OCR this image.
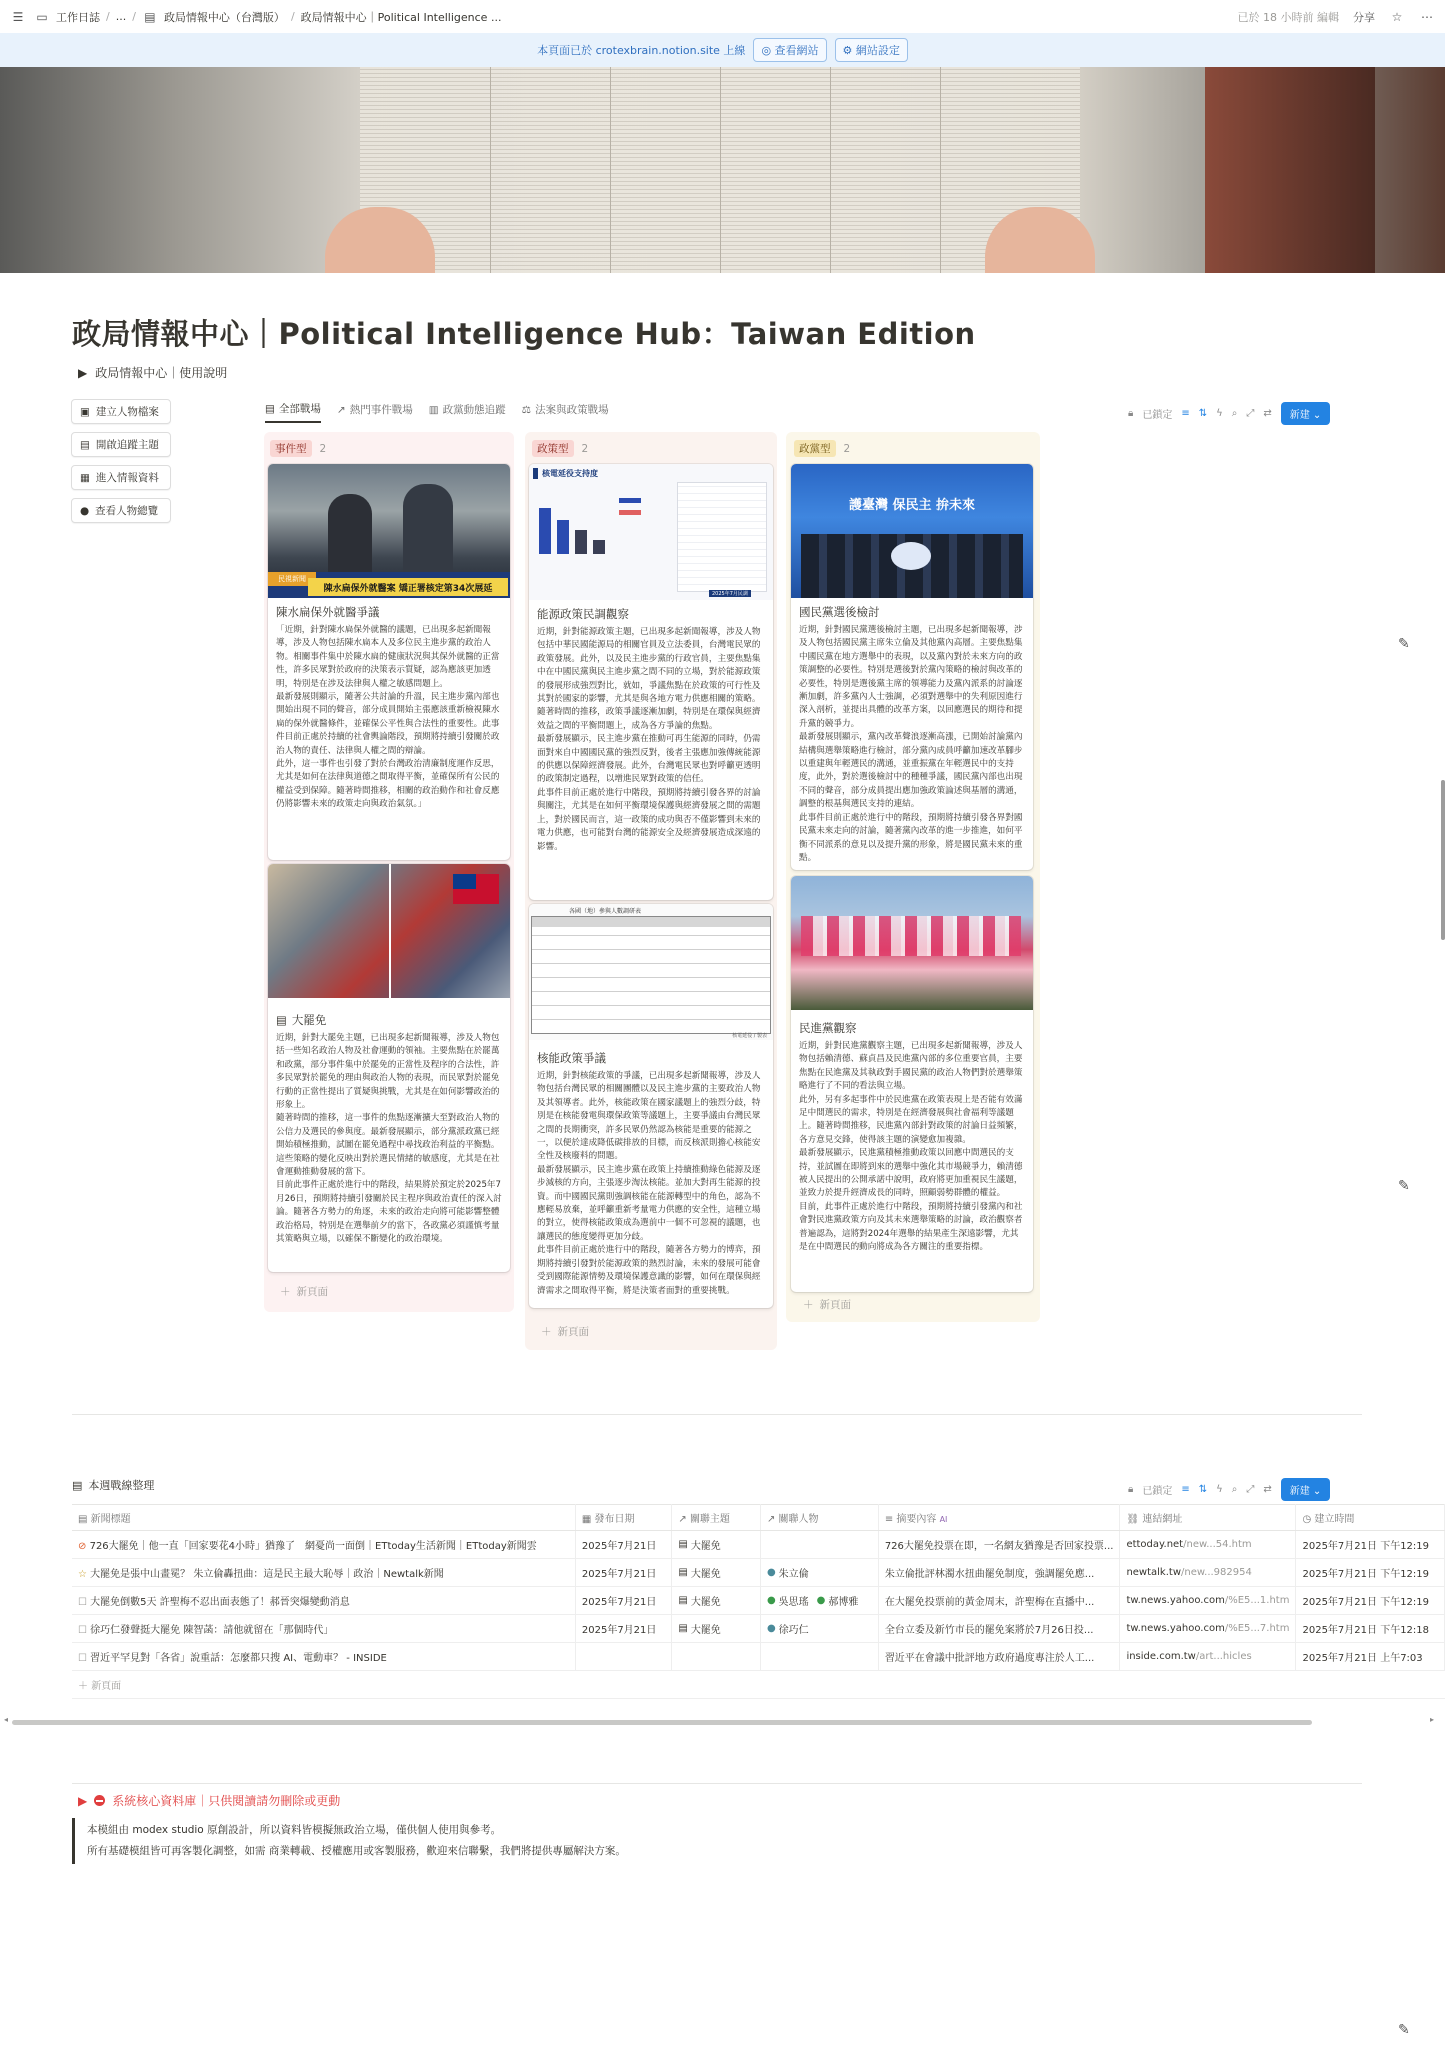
☰ ▭ 工作日誌 / ... / ▤ 政局情報中心（台灣版） / 政局情報中心｜Political Intelligence ...	已於 18 小時前 編輯 分享 ☆ ⋯
本頁面已於 crotexbrain.notion.site 上線	◎ 查看網站	⚙ 網站設定
政局情報中心｜Political Intelligence Hub：Taiwan Edition
▶ 政局情報中心｜使用說明
▣ 建立人物檔案
▤ 開啟追蹤主題
▦ 進入情報資料
● 查看人物總覽
▤ 全部戰場 ↗ 熱門事件戰場 ▥ 政黨動態追蹤 ⚖ 法案與政策戰場	🔒︎ 已鎖定 ≡ ⇅ ϟ ⌕ ⤢ ⇄	新建 ⌄
事件型	2	政策型	2	政黨型	2
民視新聞
陳水扁保外就醫案 矯正署核定第34次展延
陳水扁保外就醫爭議
「近期，針對陳水扁保外就醫的議題，已出現多起新聞報導，涉及人物包括陳水扁本人及多位民主進步黨的政治人物。相關事件集中於陳水扁的健康狀況與其保外就醫的正當性，許多民眾對於政府的決策表示質疑，認為應該更加透明，特別是在涉及法律與人權之敏感問題上。
最新發展則顯示，隨著公共討論的升溫，民主進步黨內部也開始出現不同的聲音，部分成員開始主張應該重新檢視陳水扁的保外就醫條件，並確保公平性與合法性的重要性。此事件目前正處於持續的社會輿論階段，預期將持續引發關於政治人物的責任、法律與人權之間的辯論。
此外，這一事件也引發了對於台灣政治清廉制度運作反思，尤其是如何在法律與道德之間取得平衡，並確保所有公民的權益受到保障。隨著時間推移，相關的政治動作和社會反應仍將影響未來的政策走向與政治氣氛。」
▤ 大罷免
近期，針對大罷免主題，已出現多起新聞報導，涉及人物包括一些知名政治人物及社會運動的領袖。主要焦點在於罷萬和政黨，部分事件集中於罷免的正當性及程序的合法性，許多民眾對於罷免的理由與政治人物的表現，而民眾對於罷免行動的正當性提出了質疑與挑戰，尤其是在如何影響政治的形象上。
隨著時間的推移，這一事件的焦點逐漸擴大至對政治人物的公信力及選民的參與度。最新發展顯示，部分黨派政黨已經開始積極推動，試圖在罷免過程中尋找政治利益的平衡點。這些策略的變化反映出對於選民情緒的敏感度，尤其是在社會運動推動發展的當下。
目前此事件正處於進行中的階段，結果將於預定於2025年7月26日，預期將持續引發關於民主程序與政治責任的深入討論。隨著各方勢力的角逐，未來的政治走向將可能影響整體政治格局，特別是在選舉前夕的當下，各政黨必須謹慎考量其策略與立場，以確保不斷變化的政治環境。
＋ 新頁面
核電延役支持度
2025年7月民調
能源政策民調觀察
近期，針對能源政策主題，已出現多起新聞報導，涉及人物包括中華民國能源局的相關官員及立法委員，台灣電民眾的政策發展。此外，以及民主進步黨的行政官員，主要焦點集中在中國民黨與民主進步黨之間不同的立場，對於能源政策的發展形成強烈對比，就如，爭議焦點在於政策的可行性及其對於國家的影響，尤其是與各地方電力供應相關的策略。
隨著時間的推移，政策爭議逐漸加劇，特別是在環保與經濟效益之間的平衡問題上，成為各方爭論的焦點。
最新發展顯示，民主進步黨在推動可再生能源的同時，仍需面對來自中國國民黨的強烈反對，後者主張應加強傳統能源的供應以保障經濟發展。此外，台灣電民眾也對呼籲更透明的政策制定過程，以增進民眾對政策的信任。
此事件目前正處於進行中階段，預期將持續引發各界的討論與關注，尤其是在如何平衡環境保護與經濟發展之間的需題上，對於國民而言，這一政策的成功與否不僅影響到未來的電力供應，也可能對台灣的能源安全及經濟發展造成深遠的影響。
各國（地）參與人數調研表
核電延役 / 製表
核能政策爭議
近期，針對核能政策的爭議，已出現多起新聞報導，涉及人物包括台灣民眾的相關團體以及民主進步黨的主要政治人物及其領導者。此外，核能政策在國家議題上的強烈分歧，特別是在核能發電與環保政策等議題上，主要爭議由台灣民眾之間的長期衝突，許多民眾仍然認為核能是重要的能源之一，以便於達成降低碳排放的目標，而反核派則擔心核能安全性及核廢料的問題。
最新發展顯示，民主進步黨在政策上持續推動綠色能源及逐步減核的方向，主張逐步淘汰核能。並加大對再生能源的投資。而中國國民黨則強調核能在能源轉型中的角色，認為不應輕易放棄，並呼籲重新考量電力供應的安全性，這種立場的對立，使得核能政策成為選前中一個不可忽視的議題，也讓選民的態度變得更加分歧。
此事件目前正處於進行中的階段，隨著各方勢力的博弈，預期將持續引發對於能源政策的熱烈討論，未來的發展可能會受到國際能源情勢及環境保護意識的影響，如何在環保與經濟需求之間取得平衡，將是決策者面對的重要挑戰。
＋ 新頁面
護臺灣 保民主 拚未來
國民黨選後檢討
近期，針對國民黨選後檢討主題，已出現多起新聞報導，涉及人物包括國民黨主席朱立倫及其他黨內高層。主要焦點集中國民黨在地方選舉中的表現，以及黨內對於未來方向的政策調整的必要性。特別是選後對於黨內策略的檢討與改革的必要性，特別是選後黨主席的領導能力及黨內派系的討論逐漸加劇，許多黨內人士強調，必須對選舉中的失利原因進行深入剖析，並提出具體的改革方案，以回應選民的期待和提升黨的競爭力。
最新發展則顯示，黨內改革聲浪逐漸高漲，已開始討論黨內結構與選舉策略進行檢討，部分黨內成員呼籲加速改革腳步以重建與年輕選民的溝通，並重振黨在年輕選民中的支持度，此外，對於選後檢討中的種種爭議，國民黨內部也出現不同的聲音，部分成員提出應加強政策論述與基層的溝通，調整的根基與選民支持的連結。
此事件目前正處於進行中的階段，預期將持續引發各界對國民黨未來走向的討論，隨著黨內改革的進一步推進，如何平衡不同派系的意見以及提升黨的形象，將是國民黨未來的重點。
民進黨觀察
近期，針對民進黨觀察主題，已出現多起新聞報導，涉及人物包括賴清德、蘇貞昌及民進黨內部的多位重要官員，主要焦點在民進黨及其執政對手國民黨的政治人物們對於選舉策略進行了不同的看法與立場。
此外，另有多起事件中於民進黨在政策表現上是否能有效滿足中間選民的需求，特別是在經濟發展與社會福利等議題上。隨著時間推移，民進黨內部針對政策的討論日益頻繁，各方意見交鋒，使得該主題的演變愈加複雜。
最新發展顯示，民進黨積極推動政策以回應中間選民的支持，並試圖在即將到來的選舉中強化其市場競爭力，賴清德被人民提出的公開承諾中說明，政府將更加重視民生議題，並致力於提升經濟成長的同時，照顧弱勢群體的權益。
目前，此事件正處於進行中階段，預期將持續引發黨內和社會對民進黨政策方向及其未來選舉策略的討論，政治觀察者普遍認為，這將對2024年選舉的結果產生深遠影響，尤其是在中間選民的動向將成為各方關注的重要指標。
＋ 新頁面
▤ 本週戰線整理	🔒︎ 已鎖定 ≡ ⇅ ϟ ⌕ ⤢ ⇄	新建 ⌄
▤ 新聞標題	▦ 發布日期	↗ 關聯主題	↗ 關聯人物	≡ 摘要內容 AI	⛓ 連結網址	◷ 建立時間
⊘ 726大罷免｜他一直「回家要花4小時」猶豫了　網憂尚一面倒｜ETtoday生活新聞｜ETtoday新聞雲	2025年7月21日	▤ 大罷免		726大罷免投票在即，一名網友猶豫是否回家投票...	ettoday.net/new...54.htm	2025年7月21日 下午12:19
☆ 大罷免是張中山畫冕？ 朱立倫轟扭曲：這是民主最大恥辱｜政治｜Newtalk新聞	2025年7月21日	▤ 大罷免	● 朱立倫	朱立倫批評林濁水扭曲罷免制度，強調罷免應...	newtalk.tw/new...982954	2025年7月21日 下午12:19
☐ 大罷免倒數5天 許聖梅不忍出面表態了！郝晉突爆變動消息	2025年7月21日	▤ 大罷免	● 吳思瑤 ● 郝博雅	在大罷免投票前的黃金周末，許聖梅在直播中...	tw.news.yahoo.com/%E5...1.htm	2025年7月21日 下午12:19
☐ 徐巧仁發聲挺大罷免 陳智菡：請他就留在「那個時代」	2025年7月21日	▤ 大罷免	● 徐巧仁	全台立委及新竹市長的罷免案將於7月26日投...	tw.news.yahoo.com/%E5...7.htm	2025年7月21日 下午12:18
☐ 習近平罕見對「各省」說重話：怎麼都只搜 AI、電動車？ - INSIDE				習近平在會議中批評地方政府過度專注於人工...	inside.com.tw/art...hicles	2025年7月21日 上午7:03
＋ 新頁面						
◂	▸
▶ 系統核心資料庫｜只供閱讀請勿刪除或更動
本模組由 modex studio 原創設計，所以資料皆模擬無政治立場，僅供個人使用與參考。
所有基礎模組皆可再客製化調整，如需 商業轉載、授權應用或客製服務，歡迎來信聯繫，我們將提供專屬解決方案。
✎
✎
✎
